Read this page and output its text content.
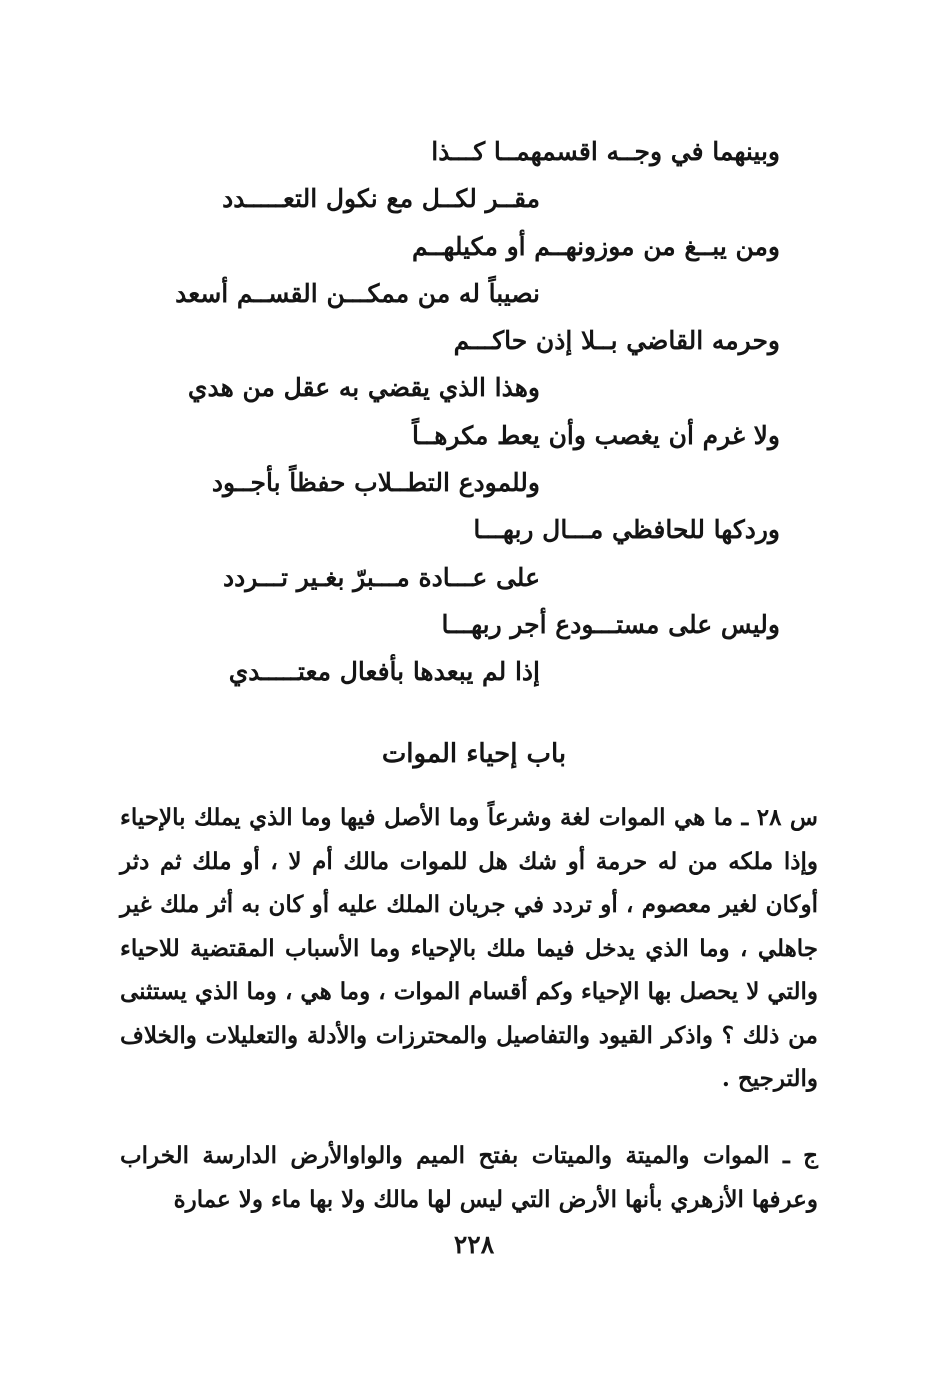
وبينهما في وجــه اقسمهمــا كـــذا
مقــر لكــل مع نكول التعـــــدد
ومن يبــغ من موزونهــم أو مكيلهــم
نصيباً له من ممكـــن القســم أسعد
وحرمه القاضي بــلا إذن حاكـــم
وهذا الذي يقضي به عقل من هدي
ولا غرم أن يغصب وأن يعط مكرهــاً
وللمودع التطــلاب حفظاً بأجــود
وردكها للحافظي مـــال ربهـــا
على عـــادة مـــبرّ بغـير تـــردد
وليس على مستـــودع أجر ربهـــا
إذا لم يبعدها بأفعال معتـــــدي
باب إحياء الموات
س ٢٨ ـ ما هي الموات لغة وشرعاً وما الأصل فيها وما الذي يملك بالإحياء وإذا ملكه من له حرمة أو شك هل للموات مالك أم لا ، أو ملك ثم دثر أوكان لغير معصوم ، أو تردد في جريان الملك عليه أو كان به أثر ملك غير جاهلي ، وما الذي يدخل فيما ملك بالإحياء وما الأسباب المقتضية للاحياء والتي لا يحصل بها الإحياء وكم أقسام الموات ، وما هي ، وما الذي يستثنى من ذلك ؟ واذكر القيود والتفاصيل والمحترزات والأدلة والتعليلات والخلاف والترجيح .
ج ـ الموات والميتة والميتات بفتح الميم والواوالأرض الدارسة الخراب وعرفها الأزهري بأنها الأرض التي ليس لها مالك ولا بها ماء ولا عمارة
٢٢٨
